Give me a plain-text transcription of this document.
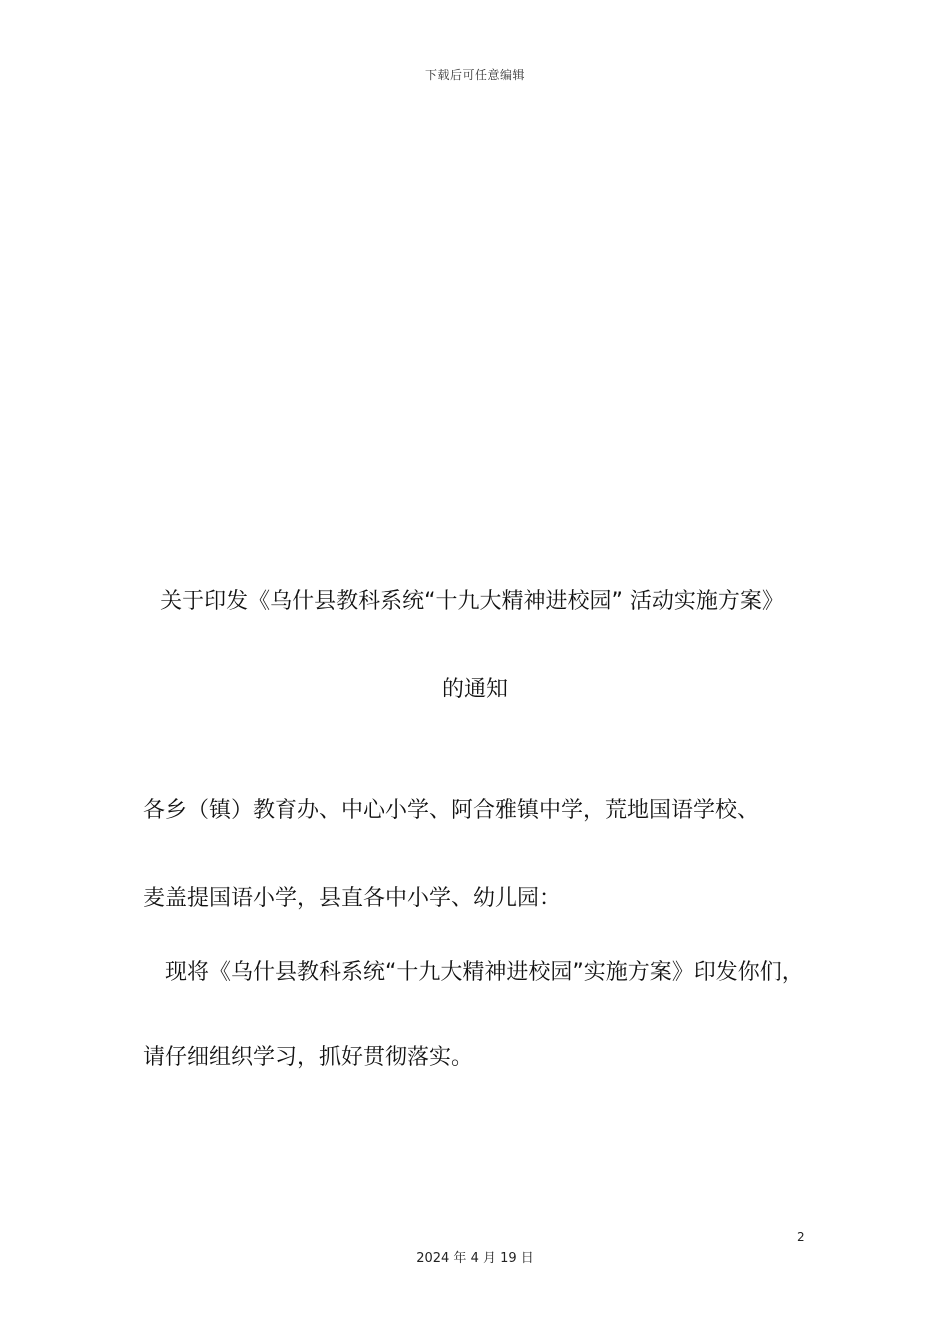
下载后可任意编辑
关于印发《乌什县教科系统“十九大精神进校园” 活动实施方案》
的通知
各乡（镇）教育办、中心小学、阿合雅镇中学，荒地国语学校、
麦盖提国语小学，县直各中小学、幼儿园：
现将《乌什县教科系统“十九大精神进校园”实施方案》印发你们，
请仔细组织学习，抓好贯彻落实。
2
2024 年 4 月 19 日
